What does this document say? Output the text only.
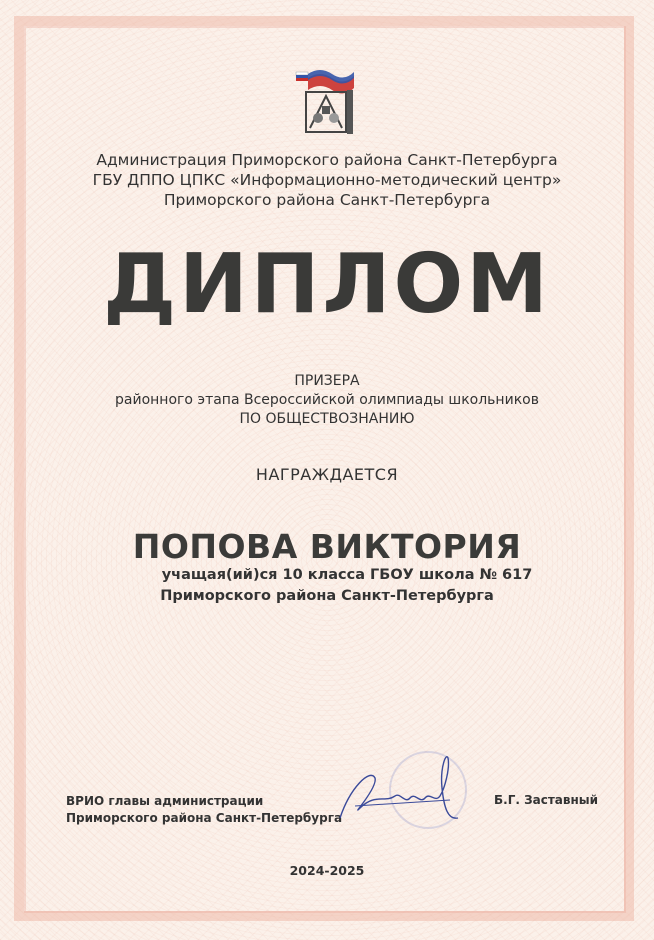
Администрация Приморского района Санкт-Петербурга
ГБУ ДППО ЦПКС «Информационно-методический центр»
Приморского района Санкт-Петербурга
ДИПЛОМ
ПРИЗЕРА
районного этапа Всероссийской олимпиады школьников
ПО ОБЩЕСТВОЗНАНИЮ
НАГРАЖДАЕТСЯ
ПОПОВА ВИКТОРИЯ
учащая(ий)ся 10 класса ГБОУ школа № 617
Приморского района Санкт-Петербурга
ВРИО главы администрации
Приморского района Санкт-Петербурга
Б.Г. Заставный
2024-2025
